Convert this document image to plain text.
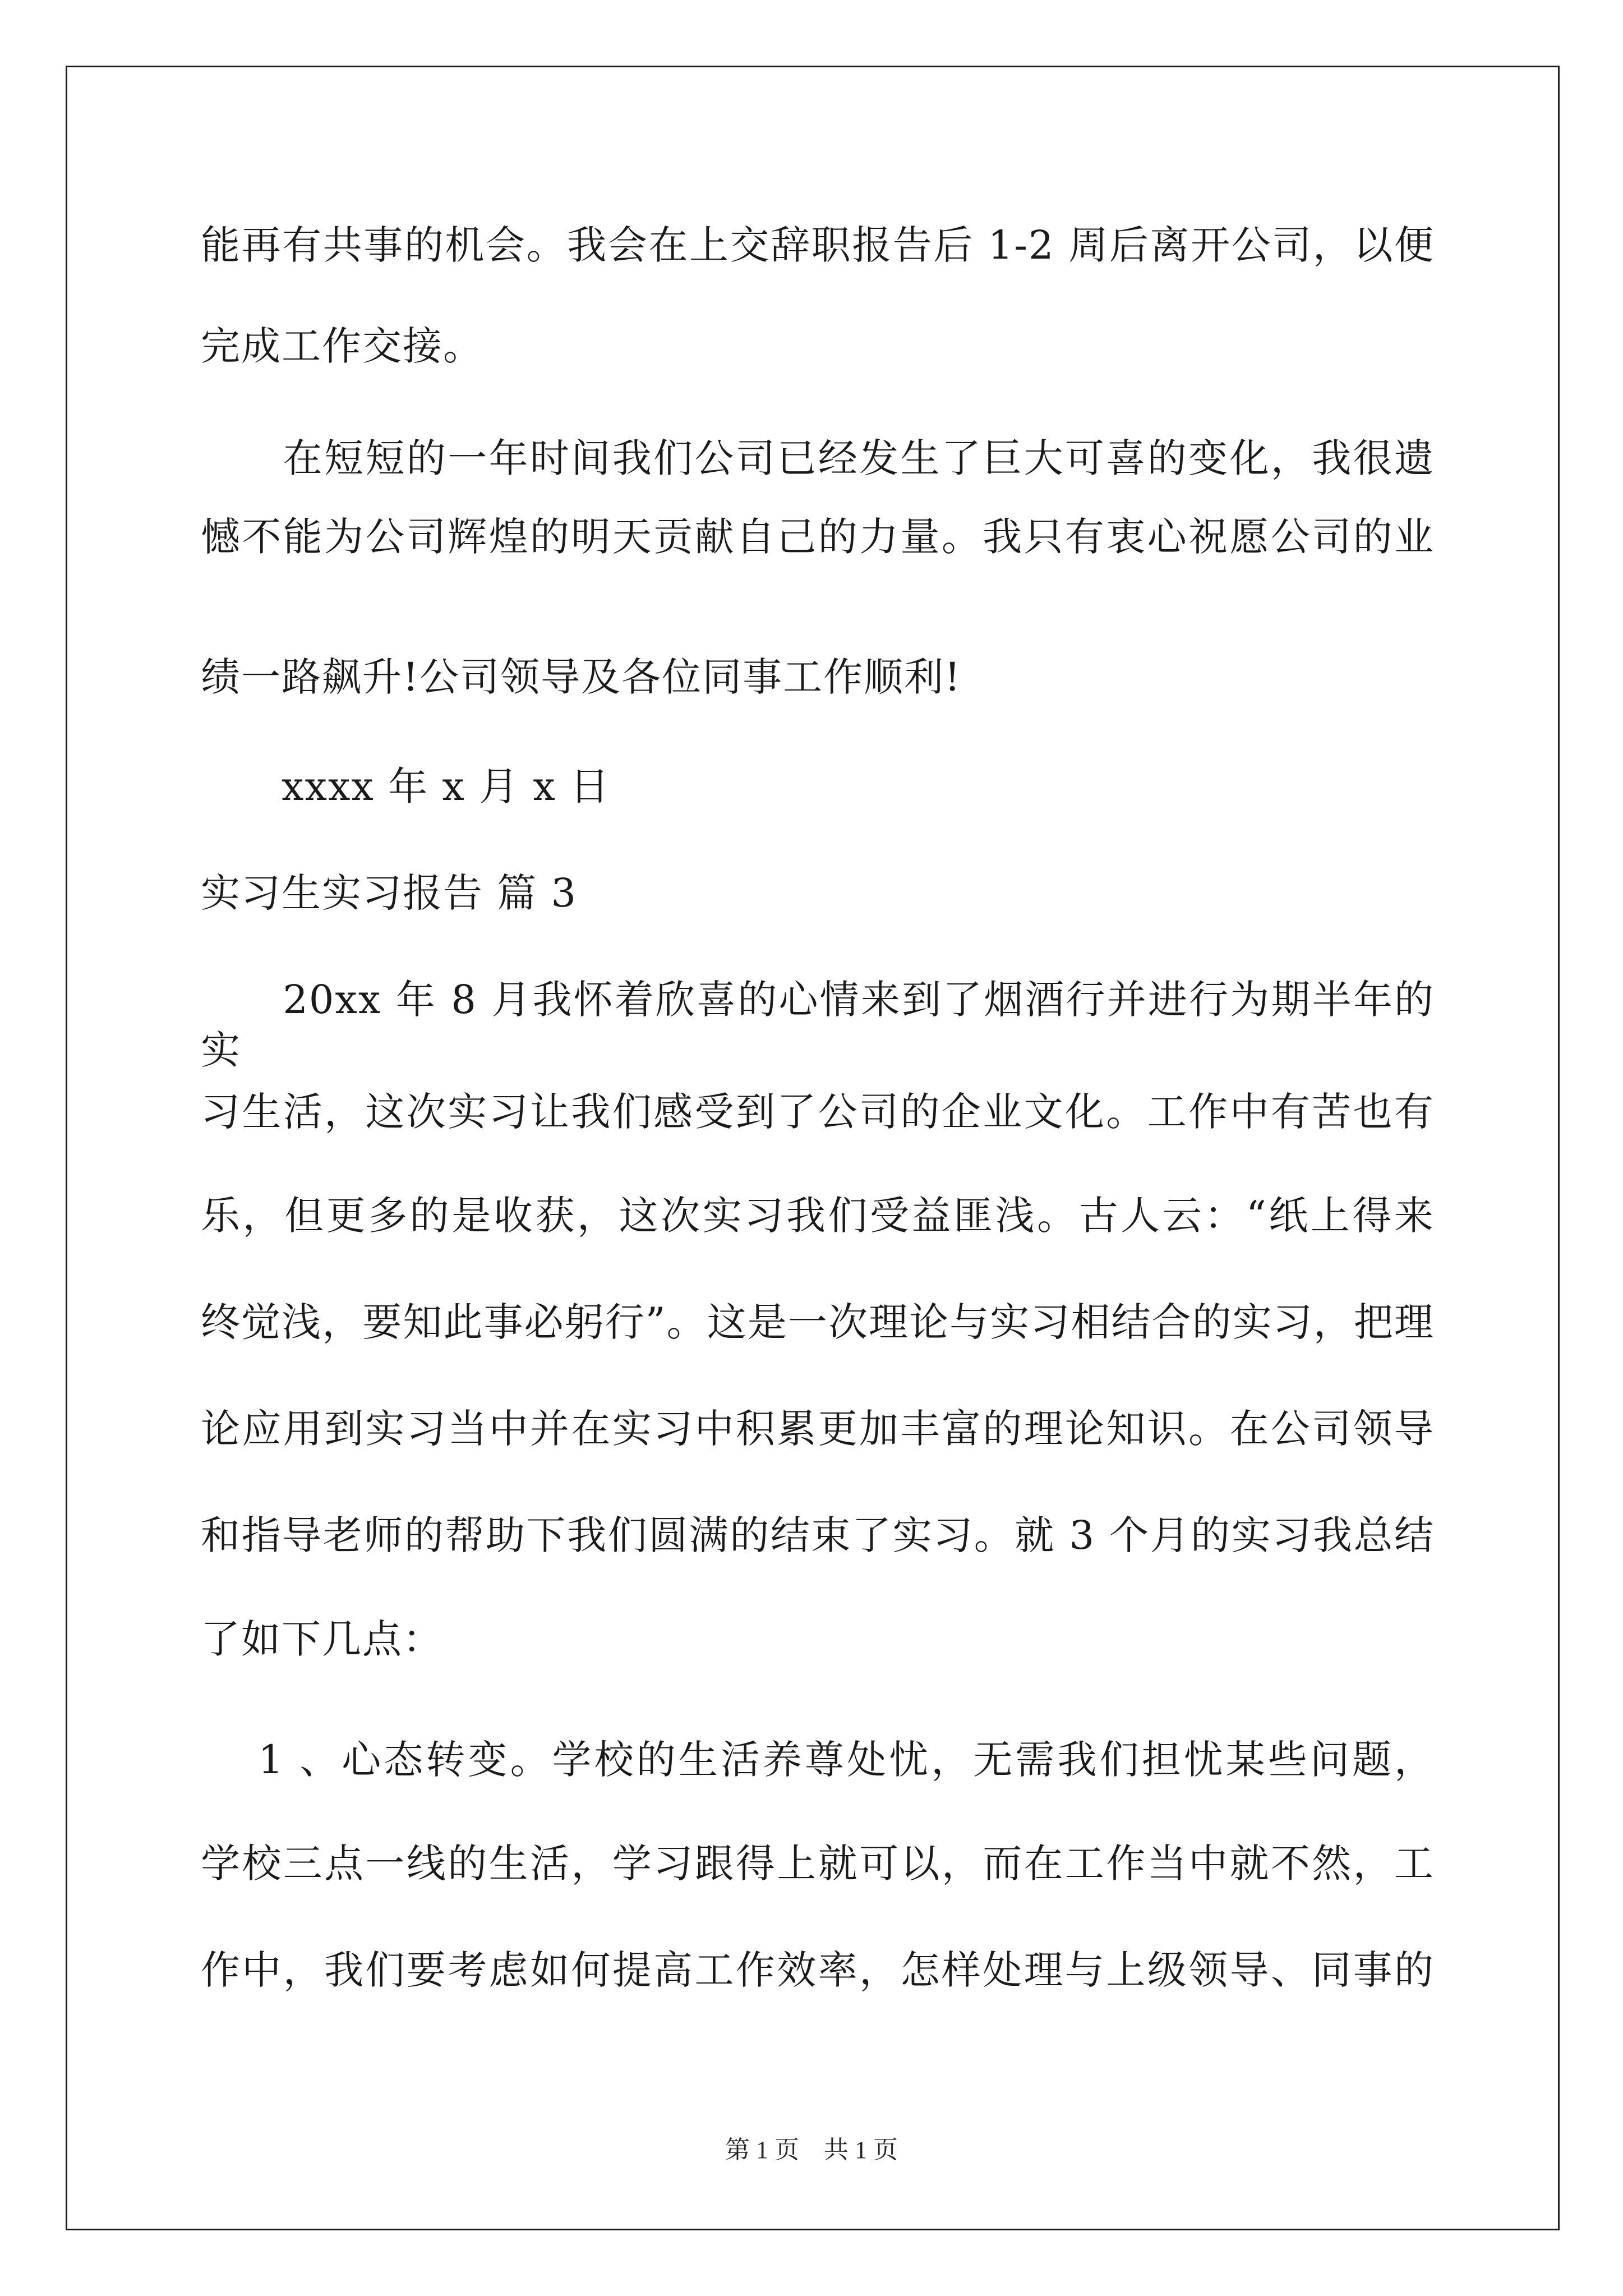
能再有共事的机会。我会在上交辞职报告后 1-2 周后离开公司，以便

完成工作交接。

　　在短短的一年时间我们公司已经发生了巨大可喜的变化，我很遗

憾不能为公司辉煌的明天贡献自己的力量。我只有衷心祝愿公司的业

绩一路飙升!公司领导及各位同事工作顺利!

　　xxxx 年 x 月 x 日

实习生实习报告 篇 3

　　20xx 年 8 月我怀着欣喜的心情来到了烟酒行并进行为期半年的实

习生活，这次实习让我们感受到了公司的企业文化。工作中有苦也有

乐，但更多的是收获，这次实习我们受益匪浅。古人云：“纸上得来

终觉浅，要知此事必躬行”。这是一次理论与实习相结合的实习，把理

论应用到实习当中并在实习中积累更加丰富的理论知识。在公司领导

和指导老师的帮助下我们圆满的结束了实习。就 3 个月的实习我总结

了如下几点：

　 1 、心态转变。学校的生活养尊处忧，无需我们担忧某些问题，

学校三点一线的生活，学习跟得上就可以，而在工作当中就不然，工

作中，我们要考虑如何提高工作效率，怎样处理与上级领导、同事的

第 1 页　共 1 页
